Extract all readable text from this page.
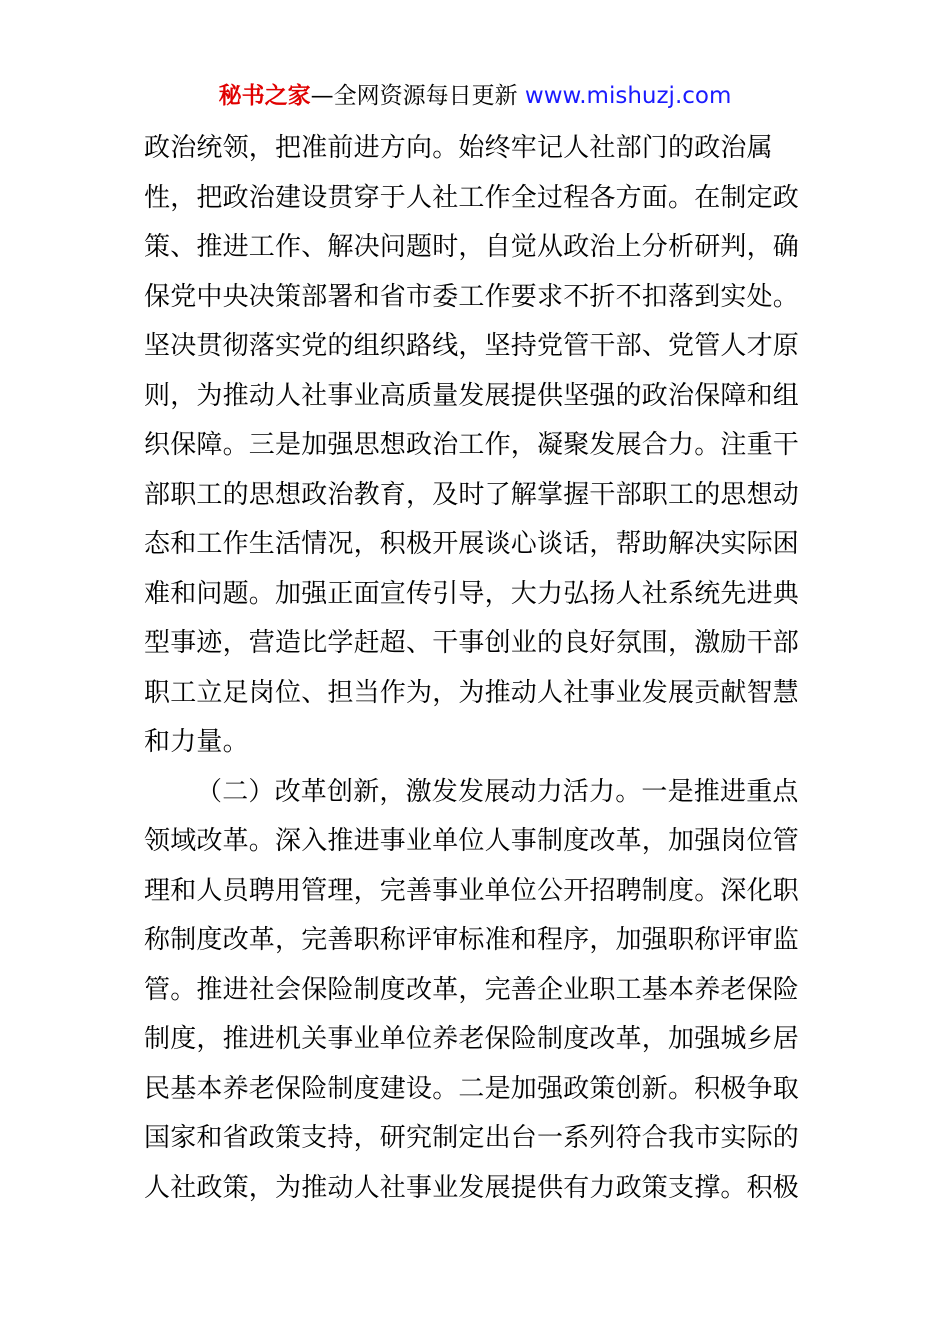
秘书之家—全网资源每日更新 www.mishuzj.com
政治统领，把准前进方向。始终牢记人社部门的政治属
性，把政治建设贯穿于人社工作全过程各方面。在制定政
策、推进工作、解决问题时，自觉从政治上分析研判，确
保党中央决策部署和省市委工作要求不折不扣落到实处。
坚决贯彻落实党的组织路线，坚持党管干部、党管人才原
则，为推动人社事业高质量发展提供坚强的政治保障和组
织保障。三是加强思想政治工作，凝聚发展合力。注重干
部职工的思想政治教育，及时了解掌握干部职工的思想动
态和工作生活情况，积极开展谈心谈话，帮助解决实际困
难和问题。加强正面宣传引导，大力弘扬人社系统先进典
型事迹，营造比学赶超、干事创业的良好氛围，激励干部
职工立足岗位、担当作为，为推动人社事业发展贡献智慧
和力量。
（二）改革创新，激发发展动力活力。一是推进重点
领域改革。深入推进事业单位人事制度改革，加强岗位管
理和人员聘用管理，完善事业单位公开招聘制度。深化职
称制度改革，完善职称评审标准和程序，加强职称评审监
管。推进社会保险制度改革，完善企业职工基本养老保险
制度，推进机关事业单位养老保险制度改革，加强城乡居
民基本养老保险制度建设。二是加强政策创新。积极争取
国家和省政策支持，研究制定出台一系列符合我市实际的
人社政策，为推动人社事业发展提供有力政策支撑。积极
